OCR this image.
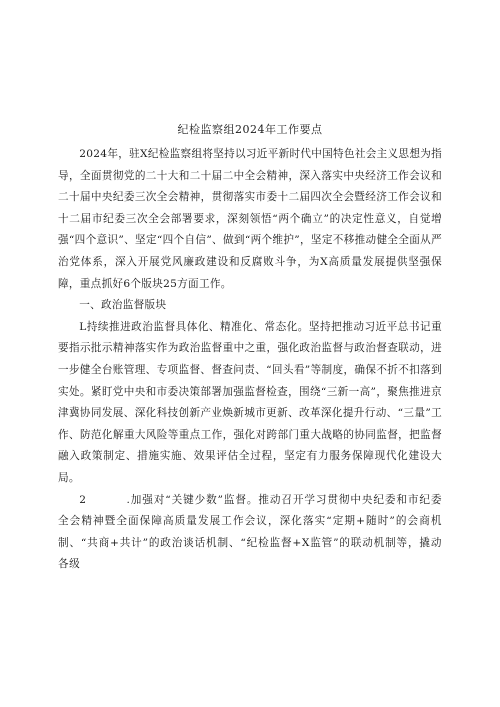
纪检监察组2024年工作要点

2024年，驻X纪检监察组将坚持以习近平新时代中国特色社会主义思想为指导，全面贯彻党的二十大和二十届二中全会精神，深入落实中央经济工作会议和二十届中央纪委三次全会精神，贯彻落实市委十二届四次全会暨经济工作会议和十二届市纪委三次全会部署要求，深刻领悟“两个确立”的决定性意义，自觉增强“四个意识”、坚定“四个自信”、做到“两个维护”，坚定不移推动健全全面从严治党体系，深入开展党风廉政建设和反腐败斗争，为X高质量发展提供坚强保障，重点抓好6个版块25方面工作。

一、政治监督版块

L持续推进政治监督具体化、精准化、常态化。坚持把推动习近平总书记重要指示批示精神落实作为政治监督重中之重，强化政治监督与政治督查联动，进一步健全台账管理、专项监督、督查问责、“回头看”等制度，确保不折不扣落到实处。紧盯党中央和市委决策部署加强监督检查，围绕“三新一高”，聚焦推进京津冀协同发展、深化科技创新产业焕新城市更新、改革深化提升行动、“三量”工作、防范化解重大风险等重点工作，强化对跨部门重大战略的协同监督，把监督融入政策制定、措施实施、效果评估全过程，坚定有力服务保障现代化建设大局。

2	.加强对“关键少数”监督。推动召开学习贯彻中央纪委和市纪委全会精神暨全面保障高质量发展工作会议，深化落实“定期+随时”的会商机制、“共商+共计”的政治谈话机制、“纪检监督+X监管”的联动机制等，撬动各级
